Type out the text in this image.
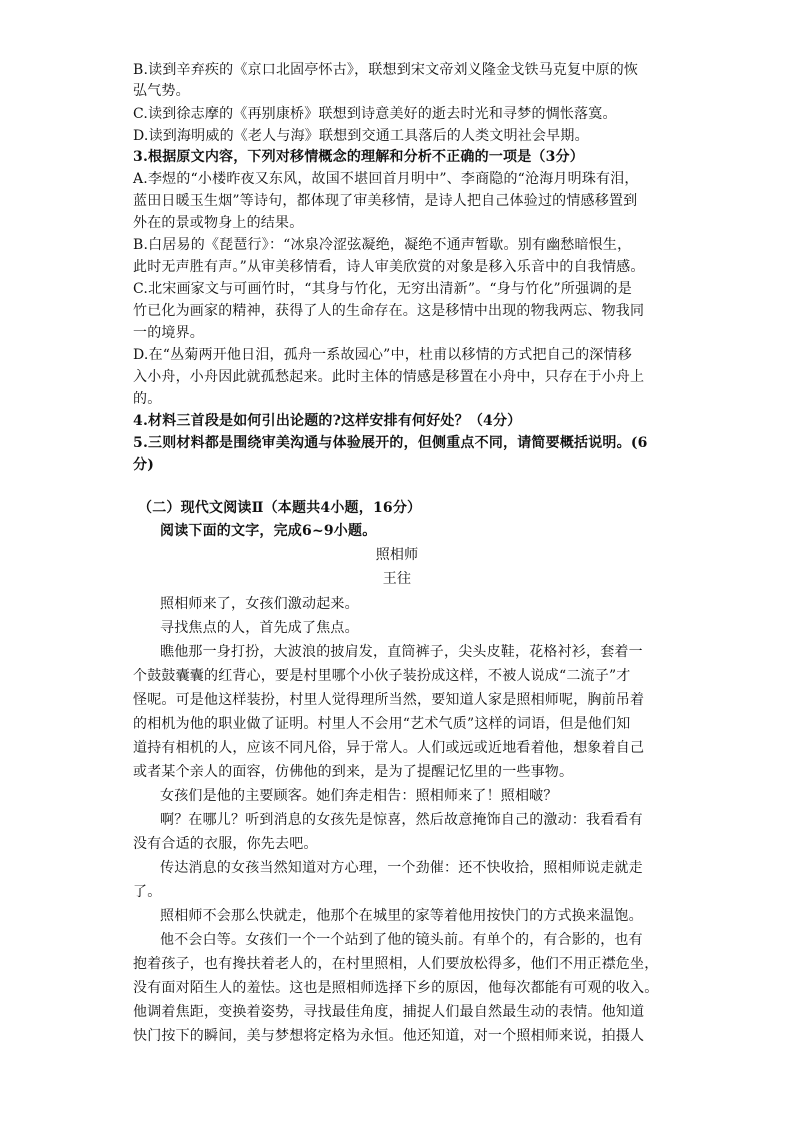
B.读到辛弃疾的《京口北固亭怀古》，联想到宋文帝刘义隆金戈铁马克复中原的恢
弘气势。
C.读到徐志摩的《再别康桥》联想到诗意美好的逝去时光和寻梦的惆怅落寞。
D.读到海明威的《老人与海》联想到交通工具落后的人类文明社会早期。
3.根据原文内容，下列对移情概念的理解和分析不正确的一项是（3分）
A.李煜的“小楼昨夜又东风，故国不堪回首月明中”、李商隐的“沧海月明珠有泪，
蓝田日暖玉生烟”等诗句，都体现了审美移情，是诗人把自己体验过的情感移置到
外在的景或物身上的结果。
B.白居易的《琵琶行》：“冰泉冷涩弦凝绝，凝绝不通声暂歇。别有幽愁暗恨生，
此时无声胜有声。”从审美移情看，诗人审美欣赏的对象是移入乐音中的自我情感。
C.北宋画家文与可画竹时，“其身与竹化，无穷出清新”。“身与竹化”所强调的是
竹已化为画家的精神，获得了人的生命存在。这是移情中出现的物我两忘、物我同
一的境界。
D.在“丛菊两开他日泪，孤舟一系故园心”中，杜甫以移情的方式把自己的深情移
入小舟，小舟因此就孤愁起来。此时主体的情感是移置在小舟中，只存在于小舟上
的。
4.材料三首段是如何引出论题的?这样安排有何好处？（4分）
5.三则材料都是围绕审美沟通与体验展开的，但侧重点不同，请简要概括说明。(6
分)
（二）现代文阅读Ⅱ（本题共4小题，16分）
阅读下面的文字，完成6~9小题。
照相师
王往
照相师来了，女孩们激动起来。
寻找焦点的人，首先成了焦点。
瞧他那一身打扮，大波浪的披肩发，直筒裤子，尖头皮鞋，花格衬衫，套着一
个鼓鼓囊囊的红背心，要是村里哪个小伙子装扮成这样，不被人说成“二流子”才
怪呢。可是他这样装扮，村里人觉得理所当然，要知道人家是照相师呢，胸前吊着
的相机为他的职业做了证明。村里人不会用“艺术气质”这样的词语，但是他们知
道持有相机的人，应该不同凡俗，异于常人。人们或远或近地看着他，想象着自己
或者某个亲人的面容，仿佛他的到来，是为了提醒记忆里的一些事物。
女孩们是他的主要顾客。她们奔走相告：照相师来了！照相啵？
啊？在哪儿？听到消息的女孩先是惊喜，然后故意掩饰自己的激动：我看看有
没有合适的衣服，你先去吧。
传达消息的女孩当然知道对方心理，一个劲催：还不快收拾，照相师说走就走
了。
照相师不会那么快就走，他那个在城里的家等着他用按快门的方式换来温饱。
他不会白等。女孩们一个一个站到了他的镜头前。有单个的，有合影的，也有
抱着孩子，也有搀扶着老人的，在村里照相，人们要放松得多，他们不用正襟危坐，
没有面对陌生人的羞怯。这也是照相师选择下乡的原因，他每次都能有可观的收入。
他调着焦距，变换着姿势，寻找最佳角度，捕捉人们最自然最生动的表情。他知道
快门按下的瞬间，美与梦想将定格为永恒。他还知道，对一个照相师来说，拍摄人
